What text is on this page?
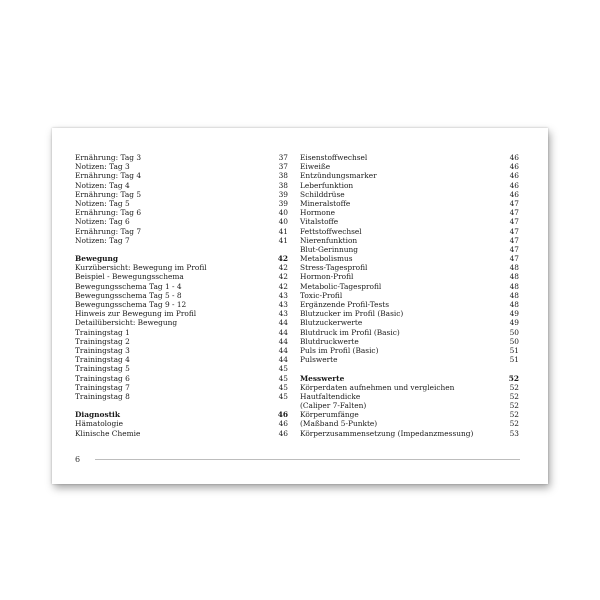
Ernährung: Tag 3	37
Notizen: Tag 3	37
Ernährung: Tag 4	38
Notizen: Tag 4	38
Ernährung: Tag 5	39
Notizen: Tag 5	39
Ernährung: Tag 6	40
Notizen: Tag 6	40
Ernährung: Tag 7	41
Notizen: Tag 7	41
Bewegung	42
Kurzübersicht: Bewegung im Profil	42
Beispiel - Bewegungsschema	42
Bewegungsschema Tag 1 - 4	42
Bewegungsschema Tag 5 - 8	43
Bewegungsschema Tag 9 - 12	43
Hinweis zur Bewegung im Profil	43
Detailübersicht: Bewegung	44
Trainingstag 1	44
Trainingstag 2	44
Trainingstag 3	44
Trainingstag 4	44
Trainingstag 5	45
Trainingstag 6	45
Trainingstag 7	45
Trainingstag 8	45
Diagnostik	46
Hämatologie	46
Klinische Chemie	46
Eisenstoffwechsel	46
Eiweiße	46
Entzündungsmarker	46
Leberfunktion	46
Schilddrüse	46
Mineralstoffe	47
Hormone	47
Vitalstoffe	47
Fettstoffwechsel	47
Nierenfunktion	47
Blut-Gerinnung	47
Metabolismus	47
Stress-Tagesprofil	48
Hormon-Profil	48
Metabolic-Tagesprofil	48
Toxic-Profil	48
Ergänzende Profil-Tests	48
Blutzucker im Profil (Basic)	49
Blutzuckerwerte	49
Blutdruck im Profil (Basic)	50
Blutdruckwerte	50
Puls im Profil (Basic)	51
Pulswerte	51
Messwerte	52
Körperdaten aufnehmen und vergleichen	52
Hautfaltendicke	52
(Caliper 7-Falten)	52
Körperumfänge	52
(Maßband 5-Punkte)	52
Körperzusammensetzung (Impedanzmessung)	53
6
